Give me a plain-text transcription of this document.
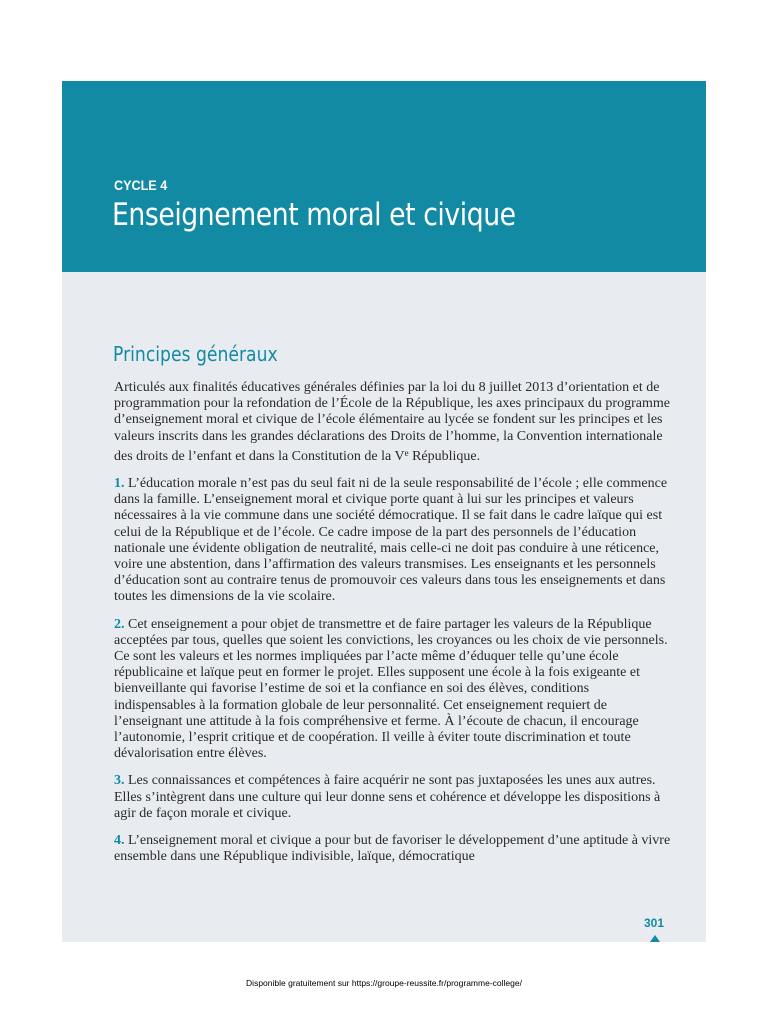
CYCLE 4

Enseignement moral et civique
Principes généraux

Articulés aux finalités éducatives générales définies par la loi du 8 juillet 2013 d’orientation et de programmation pour la refondation de l’École de la République, les axes principaux du programme d’enseignement moral et civique de l’école élémentaire au lycée se fondent sur les principes et les valeurs inscrits dans les grandes déclarations des Droits de l’homme, la Convention internationale des droits de l’enfant et dans la Constitution de la Ve République.

1. L’éducation morale n’est pas du seul fait ni de la seule responsabilité de l’école ; elle commence dans la famille. L’enseignement moral et civique porte quant à lui sur les principes et valeurs nécessaires à la vie commune dans une société démocratique. Il se fait dans le cadre laïque qui est celui de la République et de l’école. Ce cadre impose de la part des personnels de l’éducation nationale une évidente obligation de neutralité, mais celle-ci ne doit pas conduire à une réticence, voire une abstention, dans l’affirmation des valeurs transmises. Les enseignants et les personnels d’éducation sont au contraire tenus de promouvoir ces valeurs dans tous les enseignements et dans toutes les dimensions de la vie scolaire.

2. Cet enseignement a pour objet de transmettre et de faire partager les valeurs de la République acceptées par tous, quelles que soient les convictions, les croyances ou les choix de vie personnels. Ce sont les valeurs et les normes impliquées par l’acte même d’éduquer telle qu’une école républicaine et laïque peut en former le projet. Elles supposent une école à la fois exigeante et bienveillante qui favorise l’estime de soi et la confiance en soi des élèves, conditions indispensables à la formation globale de leur personnalité. Cet enseignement requiert de l’enseignant une attitude à la fois compréhensive et ferme. À l’écoute de chacun, il encourage l’autonomie, l’esprit critique et de coopération. Il veille à éviter toute discrimination et toute dévalorisation entre élèves.

3. Les connaissances et compétences à faire acquérir ne sont pas juxtaposées les unes aux autres. Elles s’intègrent dans une culture qui leur donne sens et cohérence et développe les dispositions à agir de façon morale et civique.

4. L’enseignement moral et civique a pour but de favoriser le développement d’une aptitude à vivre ensemble dans une République indivisible, laïque, démocratique

301
Disponible gratuitement sur https://groupe-reussite.fr/programme-college/
